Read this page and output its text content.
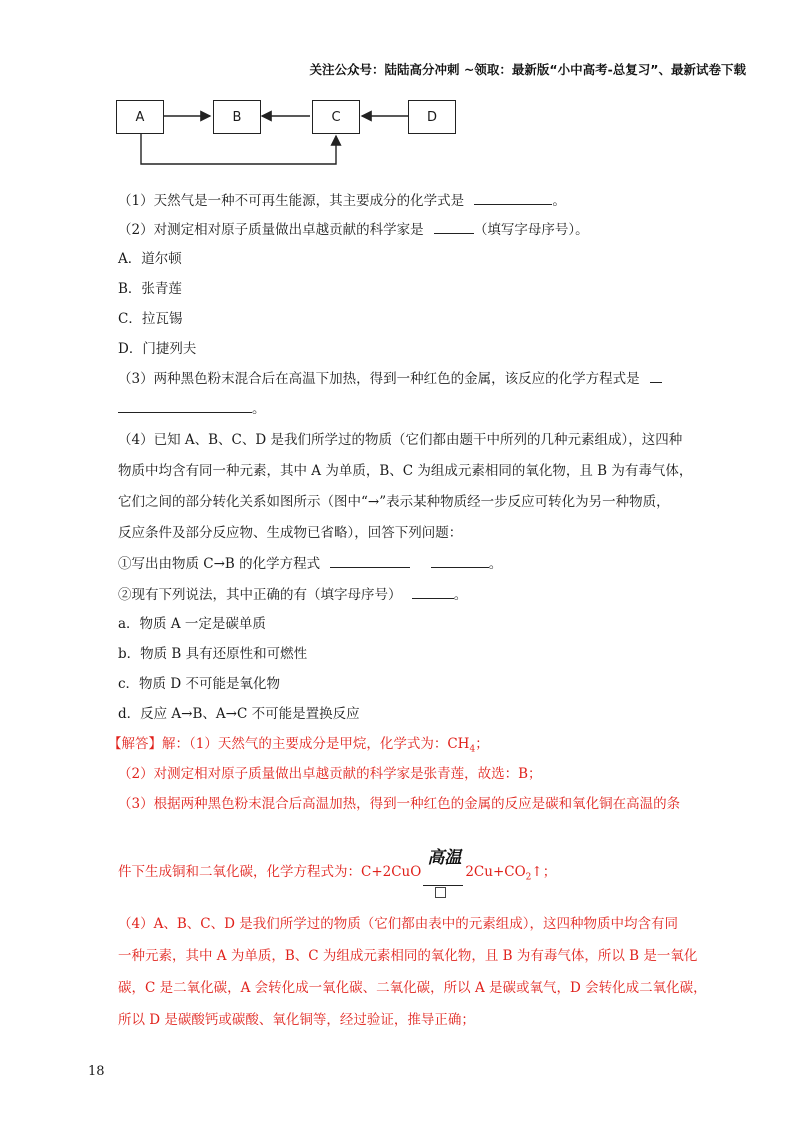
关注公众号：陆陆高分冲刺 ~领取：最新版“小中高考-总复习”、最新试卷下载
A	B	C	D
（1）天然气是一种不可再生能源，其主要成分的化学式是	。
（2）对测定相对原子质量做出卓越贡献的科学家是	（填写字母序号）。
A．道尔顿
B．张青莲
C．拉瓦锡
D．门捷列夫
（3）两种黑色粉末混合后在高温下加热，得到一种红色的金属，该反应的化学方程式是
。
（4）已知 A、B、C、D 是我们所学过的物质（它们都由题干中所列的几种元素组成），这四种
物质中均含有同一种元素，其中 A 为单质，B、C 为组成元素相同的氧化物，且 B 为有毒气体，
它们之间的部分转化关系如图所示（图中“→”表示某种物质经一步反应可转化为另一种物质，
反应条件及部分反应物、生成物已省略），回答下列问题：
①写出由物质 C→B 的化学方程式	。
②现有下列说法，其中正确的有（填字母序号）	。
a．物质 A 一定是碳单质
b．物质 B 具有还原性和可燃性
c．物质 D 不可能是氧化物
d．反应 A→B、A→C 不可能是置换反应
【解答】解：（1）天然气的主要成分是甲烷，化学式为：$CH_4$；
（2）对测定相对原子质量做出卓越贡献的科学家是张青莲，故选：B；
（3）根据两种黑色粉末混合后高温加热，得到一种红色的金属的反应是碳和氧化铜在高温的条
件下生成铜和二氧化碳，化学方程式为：C+2CuO
高温
$2Cu+CO_2↑$；
（4）A、B、C、D 是我们所学过的物质（它们都由表中的元素组成），这四种物质中均含有同
一种元素，其中 A 为单质，B、C 为组成元素相同的氧化物，且 B 为有毒气体，所以 B 是一氧化
碳，C 是二氧化碳，A 会转化成一氧化碳、二氧化碳，所以 A 是碳或氧气，D 会转化成二氧化碳，
所以 D 是碳酸钙或碳酸、氧化铜等，经过验证，推导正确；
18
